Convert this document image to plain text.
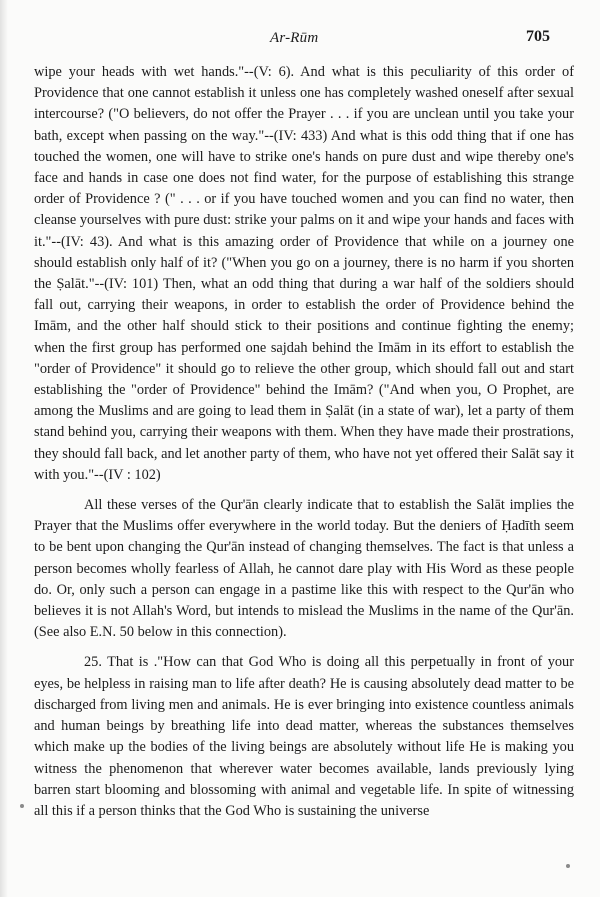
Ar-Rūm	705

wipe your heads with wet hands."--(V: 6). And what is this peculiarity of this order of Providence that one cannot establish it unless one has completely washed oneself after sexual intercourse? ("O believers, do not offer the Prayer . . . if you are unclean until you take your bath, except when passing on the way."--(IV: 433) And what is this odd thing that if one has touched the women, one will have to strike one's hands on pure dust and wipe thereby one's face and hands in case one does not find water, for the purpose of establishing this strange order of Providence ? (" . . . or if you have touched women and you can find no water, then cleanse yourselves with pure dust: strike your palms on it and wipe your hands and faces with it."--(IV: 43). And what is this amazing order of Providence that while on a journey one should establish only half of it? ("When you go on a journey, there is no harm if you shorten the Ṣalāt."--(IV: 101) Then, what an odd thing that during a war half of the soldiers should fall out, carrying their weapons, in order to establish the order of Providence behind the Imām, and the other half should stick to their positions and continue fighting the enemy; when the first group has performed one sajdah behind the Imām in its effort to establish the "order of Providence" it should go to relieve the other group, which should fall out and start establishing the "order of Providence" behind the Imām? ("And when you, O Prophet, are among the Muslims and are going to lead them in Ṣalāt (in a state of war), let a party of them stand behind you, carrying their weapons with them. When they have made their prostrations, they should fall back, and let another party of them, who have not yet offered their Salāt say it with you."--(IV : 102)

All these verses of the Qur'ān clearly indicate that to establish the Salāt implies the Prayer that the Muslims offer everywhere in the world today. But the deniers of Ḥadīth seem to be bent upon changing the Qur'ān instead of changing themselves. The fact is that unless a person becomes wholly fearless of Allah, he cannot dare play with His Word as these people do. Or, only such a person can engage in a pastime like this with respect to the Qur'ān who believes it is not Allah's Word, but intends to mislead the Muslims in the name of the Qur'ān. (See also E.N. 50 below in this connection).

25. That is ."How can that God Who is doing all this perpetually in front of your eyes, be helpless in raising man to life after death? He is causing absolutely dead matter to be discharged from living men and animals. He is ever bringing into existence countless animals and human beings by breathing life into dead matter, whereas the substances themselves which make up the bodies of the living beings are absolutely without life He is making you witness the phenomenon that wherever water becomes available, lands previously lying barren start blooming and blossoming with animal and vegetable life. In spite of witnessing all this if a person thinks that the God Who is sustaining the universe
